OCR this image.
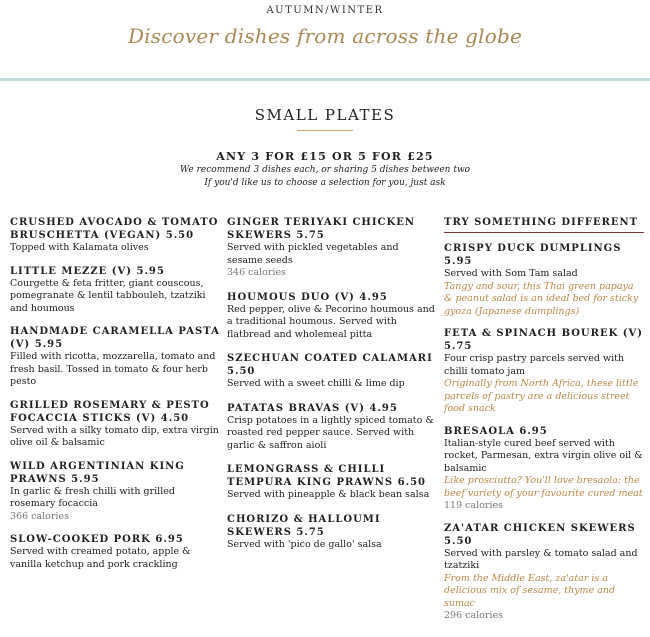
AUTUMN/WINTER
Discover dishes from across the globe
SMALL PLATES
ANY 3 FOR £15 OR 5 FOR £25
We recommend 3 dishes each, or sharing 5 dishes between two
If you'd like us to choose a selection for you, just ask
CRUSHED AVOCADO & TOMATO BRUSCHETTA (VEGAN) 5.50
Topped with Kalamata olives
LITTLE MEZZE (V) 5.95
Courgette & feta fritter, giant couscous, pomegranate & lentil tabbouleh, tzatziki and houmous
HANDMADE CARAMELLA PASTA (V) 5.95
Filled with ricotta, mozzarella, tomato and fresh basil. Tossed in tomato & four herb pesto
GRILLED ROSEMARY & PESTO FOCACCIA STICKS (V) 4.50
Served with a silky tomato dip, extra virgin olive oil & balsamic
WILD ARGENTINIAN KING PRAWNS 5.95
In garlic & fresh chilli with grilled rosemary focaccia
366 calories
SLOW-COOKED PORK 6.95
Served with creamed potato, apple & vanilla ketchup and pork crackling
GINGER TERIYAKI CHICKEN SKEWERS 5.75
Served with pickled vegetables and sesame seeds
346 calories
HOUMOUS DUO (V) 4.95
Red pepper, olive & Pecorino houmous and a traditional houmous. Served with flatbread and wholemeal pitta
SZECHUAN COATED CALAMARI 5.50
Served with a sweet chilli & lime dip
PATATAS BRAVAS (V) 4.95
Crisp potatoes in a lightly spiced tomato & roasted red pepper sauce. Served with garlic & saffron aioli
LEMONGRASS & CHILLI TEMPURA KING PRAWNS 6.50
Served with pineapple & black bean salsa
CHORIZO & HALLOUMI SKEWERS 5.75
Served with 'pico de gallo' salsa
TRY SOMETHING DIFFERENT
CRISPY DUCK DUMPLINGS 5.95
Served with Som Tam salad
Tangy and sour, this Thai green papaya & peanut salad is an ideal bed for sticky gyoza (Japanese dumplings)
FETA & SPINACH BOUREK (V) 5.75
Four crisp pastry parcels served with chilli tomato jam
Originally from North Africa, these little parcels of pastry are a delicious street food snack
BRESAOLA 6.95
Italian-style cured beef served with rocket, Parmesan, extra virgin olive oil & balsamic
Like prosciutto? You'll love bresaola: the beef variety of your favourite cured meat
119 calories
ZA'ATAR CHICKEN SKEWERS 5.50
Served with parsley & tomato salad and tzatziki
From the Middle East, za'atar is a delicious mix of sesame, thyme and sumac
296 calories
